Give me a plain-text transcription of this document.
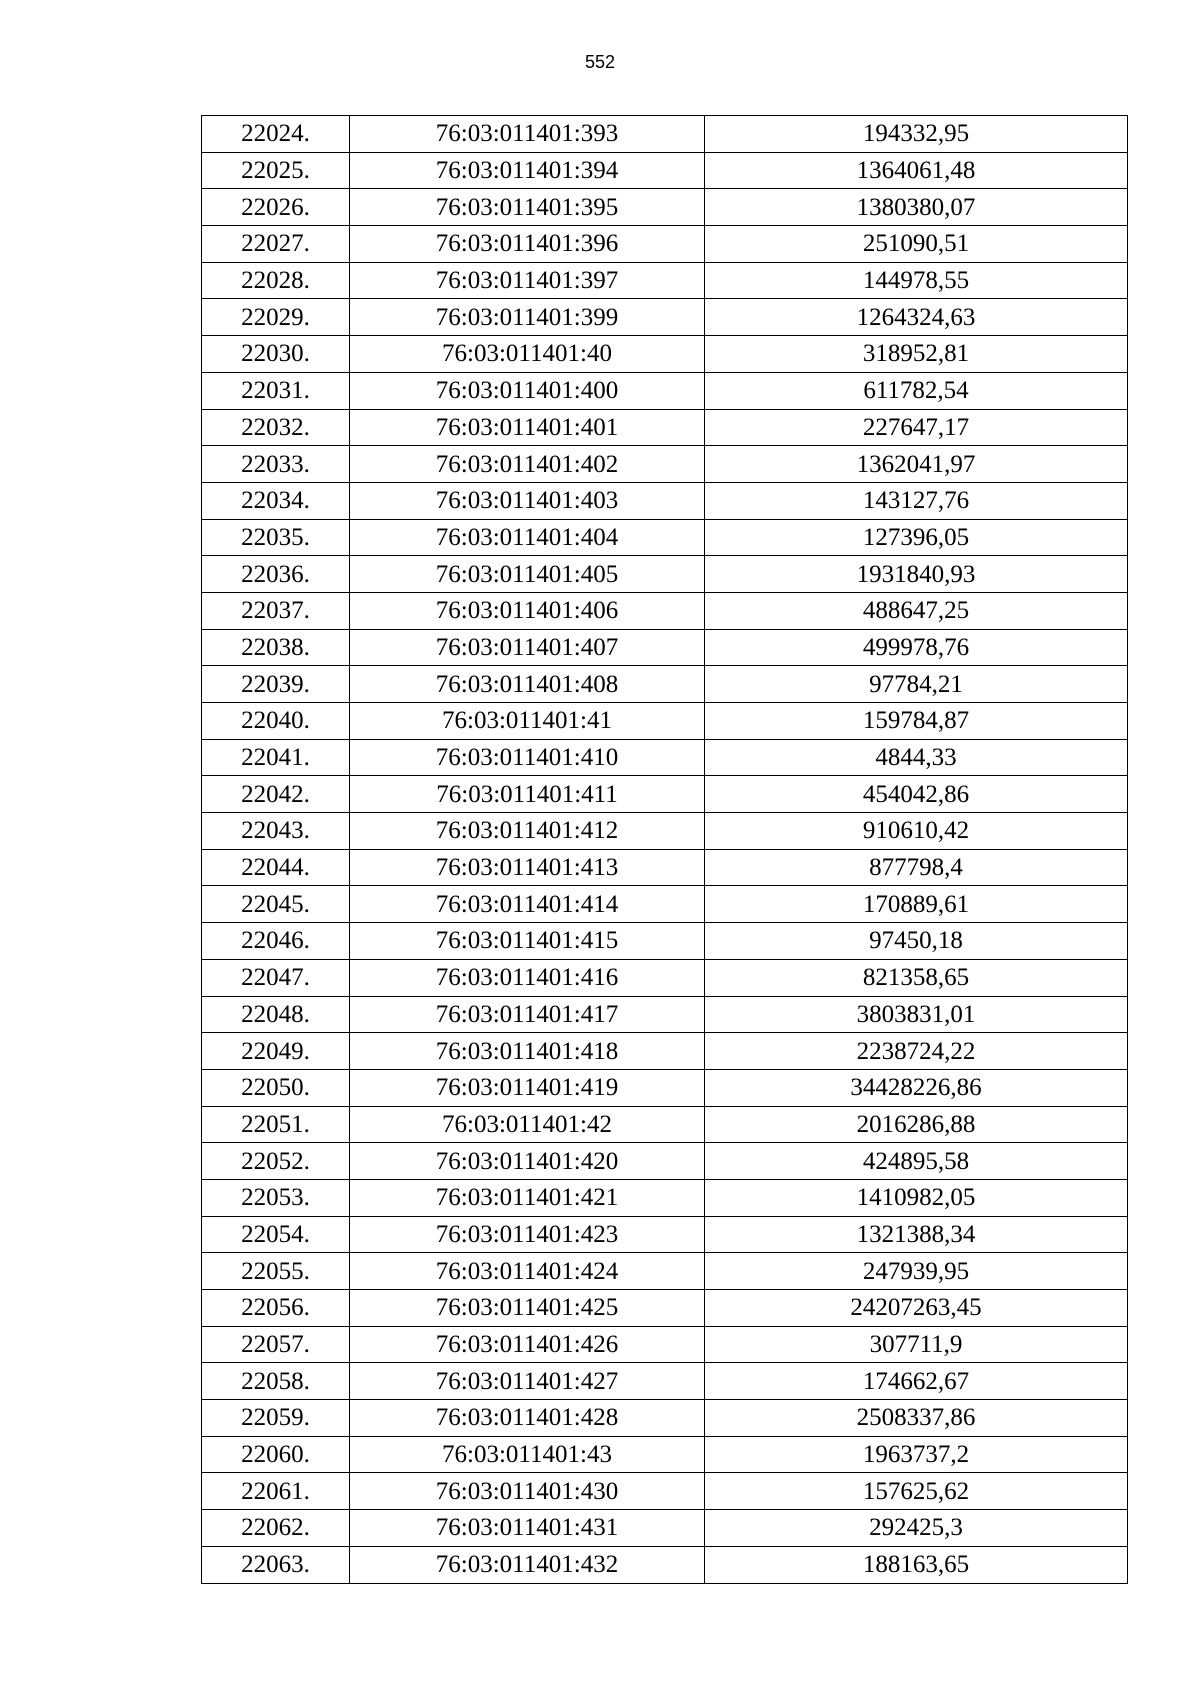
552
22024.	76:03:011401:393	194332,95
22025.	76:03:011401:394	1364061,48
22026.	76:03:011401:395	1380380,07
22027.	76:03:011401:396	251090,51
22028.	76:03:011401:397	144978,55
22029.	76:03:011401:399	1264324,63
22030.	76:03:011401:40	318952,81
22031.	76:03:011401:400	611782,54
22032.	76:03:011401:401	227647,17
22033.	76:03:011401:402	1362041,97
22034.	76:03:011401:403	143127,76
22035.	76:03:011401:404	127396,05
22036.	76:03:011401:405	1931840,93
22037.	76:03:011401:406	488647,25
22038.	76:03:011401:407	499978,76
22039.	76:03:011401:408	97784,21
22040.	76:03:011401:41	159784,87
22041.	76:03:011401:410	4844,33
22042.	76:03:011401:411	454042,86
22043.	76:03:011401:412	910610,42
22044.	76:03:011401:413	877798,4
22045.	76:03:011401:414	170889,61
22046.	76:03:011401:415	97450,18
22047.	76:03:011401:416	821358,65
22048.	76:03:011401:417	3803831,01
22049.	76:03:011401:418	2238724,22
22050.	76:03:011401:419	34428226,86
22051.	76:03:011401:42	2016286,88
22052.	76:03:011401:420	424895,58
22053.	76:03:011401:421	1410982,05
22054.	76:03:011401:423	1321388,34
22055.	76:03:011401:424	247939,95
22056.	76:03:011401:425	24207263,45
22057.	76:03:011401:426	307711,9
22058.	76:03:011401:427	174662,67
22059.	76:03:011401:428	2508337,86
22060.	76:03:011401:43	1963737,2
22061.	76:03:011401:430	157625,62
22062.	76:03:011401:431	292425,3
22063.	76:03:011401:432	188163,65
